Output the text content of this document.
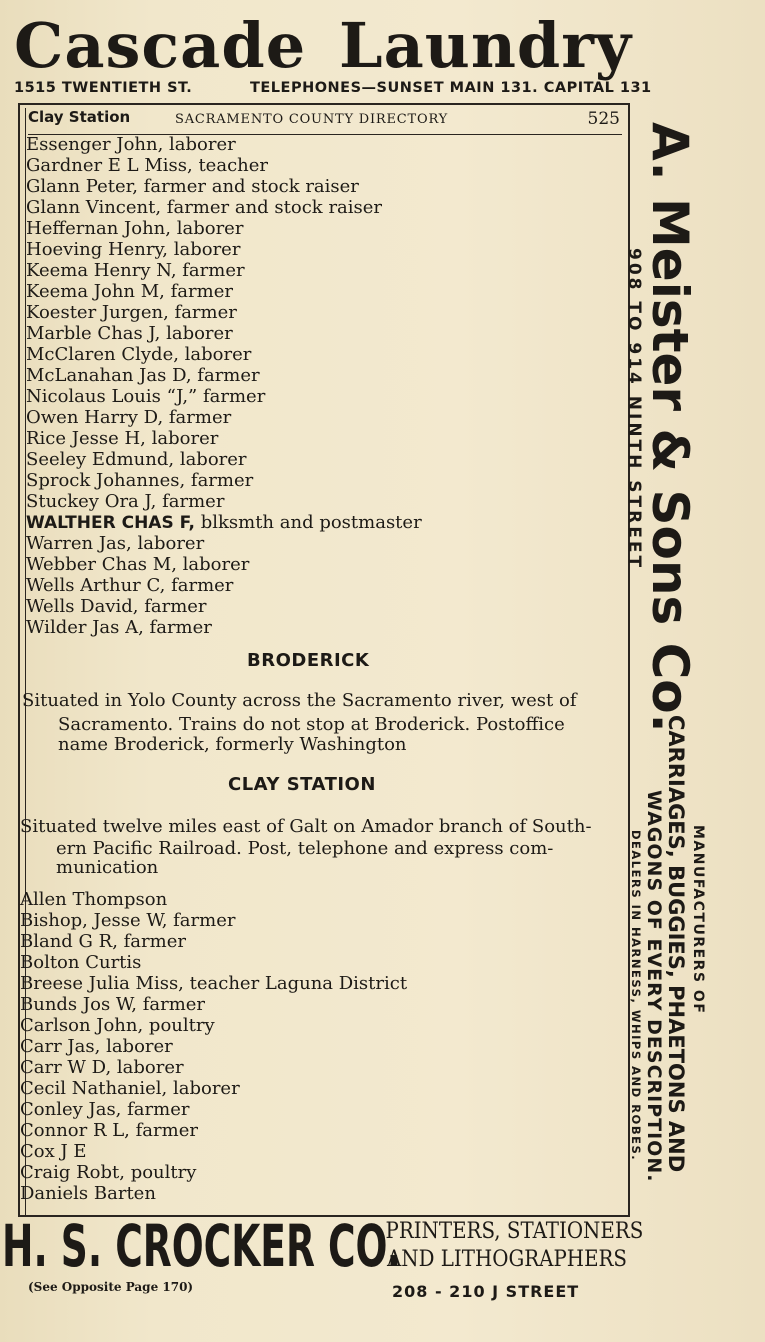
Cascade Laundry
1515 TWENTIETH ST.	TELEPHONES—SUNSET MAIN 131. CAPITAL 131
Clay Station	SACRAMENTO COUNTY DIRECTORY	525
Essenger John, laborer
Gardner E L Miss, teacher
Glann Peter, farmer and stock raiser
Glann Vincent, farmer and stock raiser
Heffernan John, laborer
Hoeving Henry, laborer
Keema Henry N, farmer
Keema John M, farmer
Koester Jurgen, farmer
Marble Chas J, laborer
McClaren Clyde, laborer
McLanahan Jas D, farmer
Nicolaus Louis “J,” farmer
Owen Harry D, farmer
Rice Jesse H, laborer
Seeley Edmund, laborer
Sprock Johannes, farmer
Stuckey Ora J, farmer
WALTHER CHAS F, blksmth and postmaster
Warren Jas, laborer
Webber Chas M, laborer
Wells Arthur C, farmer
Wells David, farmer
Wilder Jas A, farmer
BRODERICK
Situated in Yolo County across the Sacramento river, west of
Sacramento. Trains do not stop at Broderick. Postoffice
name Broderick, formerly Washington
CLAY STATION
Situated twelve miles east of Galt on Amador branch of South-
ern Pacific Railroad. Post, telephone and express com-
munication
Allen Thompson
Bishop, Jesse W, farmer
Bland G R, farmer
Bolton Curtis
Breese Julia Miss, teacher Laguna District
Bunds Jos W, farmer
Carlson John, poultry
Carr Jas, laborer
Carr W D, laborer
Cecil Nathaniel, laborer
Conley Jas, farmer
Connor R L, farmer
Cox J E
Craig Robt, poultry
Daniels Barten
A. Meister & Sons Co.
908 TO 914 NINTH STREET
MANUFACTURERS OF
CARRIAGES, BUGGIES, PHAETONS AND
WAGONS OF EVERY DESCRIPTION.
DEALERS IN HARNESS, WHIPS AND ROBES.
H. S. CROCKER CO.
(See Opposite Page 170)
PRINTERS, STATIONERS
AND LITHOGRAPHERS
208 - 210 J STREET
